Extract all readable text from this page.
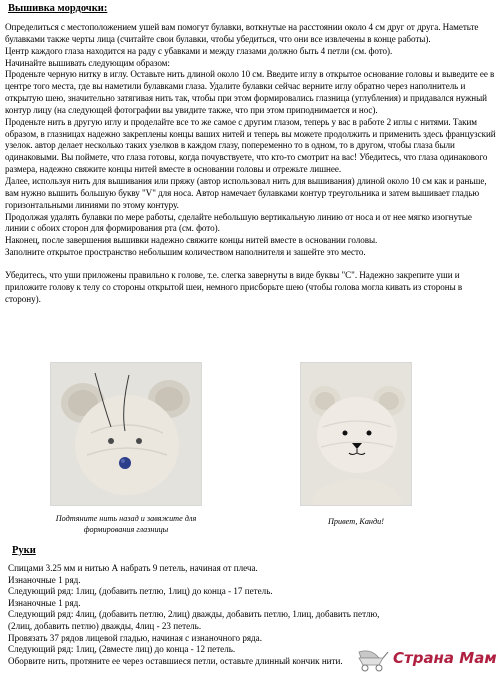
Вышивка мордочки:

Определиться с местоположением ушей вам помогут булавки, воткнутые на расстоянии около 4 см друг от друга. Наметьте булавками также черты лица (считайте свои булавки, чтобы убедиться, что они все извлечены в конце работы).

Центр каждого глаза находится на раду с убавками и между глазами должно быть 4 петли (см. фото).

Начинайте вышивать следующим образом:

Проденьте черную нитку в иглу. Оставьте нить длиной около 10 см. Введите иглу в открытое основание головы и выведите ее в центре того места, где вы наметили булавками глаза. Удалите булавки сейчас верните иглу обратно через наполнитель и открытую шею, значительно затягивая нить так, чтобы при этом формировались глазница (углубления) и придавался нужный контур лицу (на следующей фотографии вы увидите также, что при этом приподнимается и нос).

Проденьте нить в другую иглу и проделайте все то же самое с другим глазом, теперь у вас в работе 2 иглы с нитями. Таким образом, в глазницах надежно закреплены концы ваших нитей и теперь вы можете продолжить и применить здесь французский узелок. автор делает несколько таких узелков в каждом глазу, попеременно то в одном, то в другом, чтобы глаза были одинаковыми. Вы поймете, что глаза готовы, когда почувствуете, что кто-то смотрит на вас! Убедитесь, что глаза одинакового размера, надежно свяжите концы нитей вместе в основании головы и отрежьте лишнее.

Далее, используя нить для вышивания или пряжу (автор использовал нить для вышивания) длиной около 10 см как и раньше, вам нужно вышить большую букву "V" для носа. Автор намечает булавками контур треугольника и затем вышивает гладью горизонтальными линиями по этому контуру.

Продолжая удалять булавки по мере работы, сделайте небольшую вертикальную линию от носа и от нее мягко изогнутые линии с обоих сторон для формирования рта (см. фото).

Наконец, после завершения вышивки надежно свяжите концы нитей вместе в основании головы.

Заполните открытое пространство небольшим количеством наполнителя и зашейте это место.

Убедитесь, что уши приложены правильно к голове, т.е. слегка завернуты в виде буквы "С". Надежно закрепите уши и приложите голову к телу со стороны открытой шеи, немного присборьте шею (чтобы голова могла кивать из стороны в сторону).

Подтяните нить назад и завяжите для формирования глазницы
Привет, Канди!
Руки

Спицами 3.25 мм и нитью А набрать 9 петель, начиная от плеча.

Изнаночные 1 ряд.

Следующий ряд: 1лиц, (добавить петлю, 1лиц) до конца - 17 петель.

Изнаночные 1 ряд.

Следующий ряд: 4лиц, (добавить петлю, 2лиц) дважды, добавить петлю, 1лиц, добавить петлю,

(2лиц, добавить петлю) дважды, 4лиц - 23 петель.

Провязать 37 рядов лицевой гладью, начиная с изнаночного ряда.

Следующий ряд: 1лиц, (2вместе лиц) до конца - 12 петель.

Оборвите нить, протяните ее через оставшиеся петли, оставьте длинный кончик нити.	Страна Мам
